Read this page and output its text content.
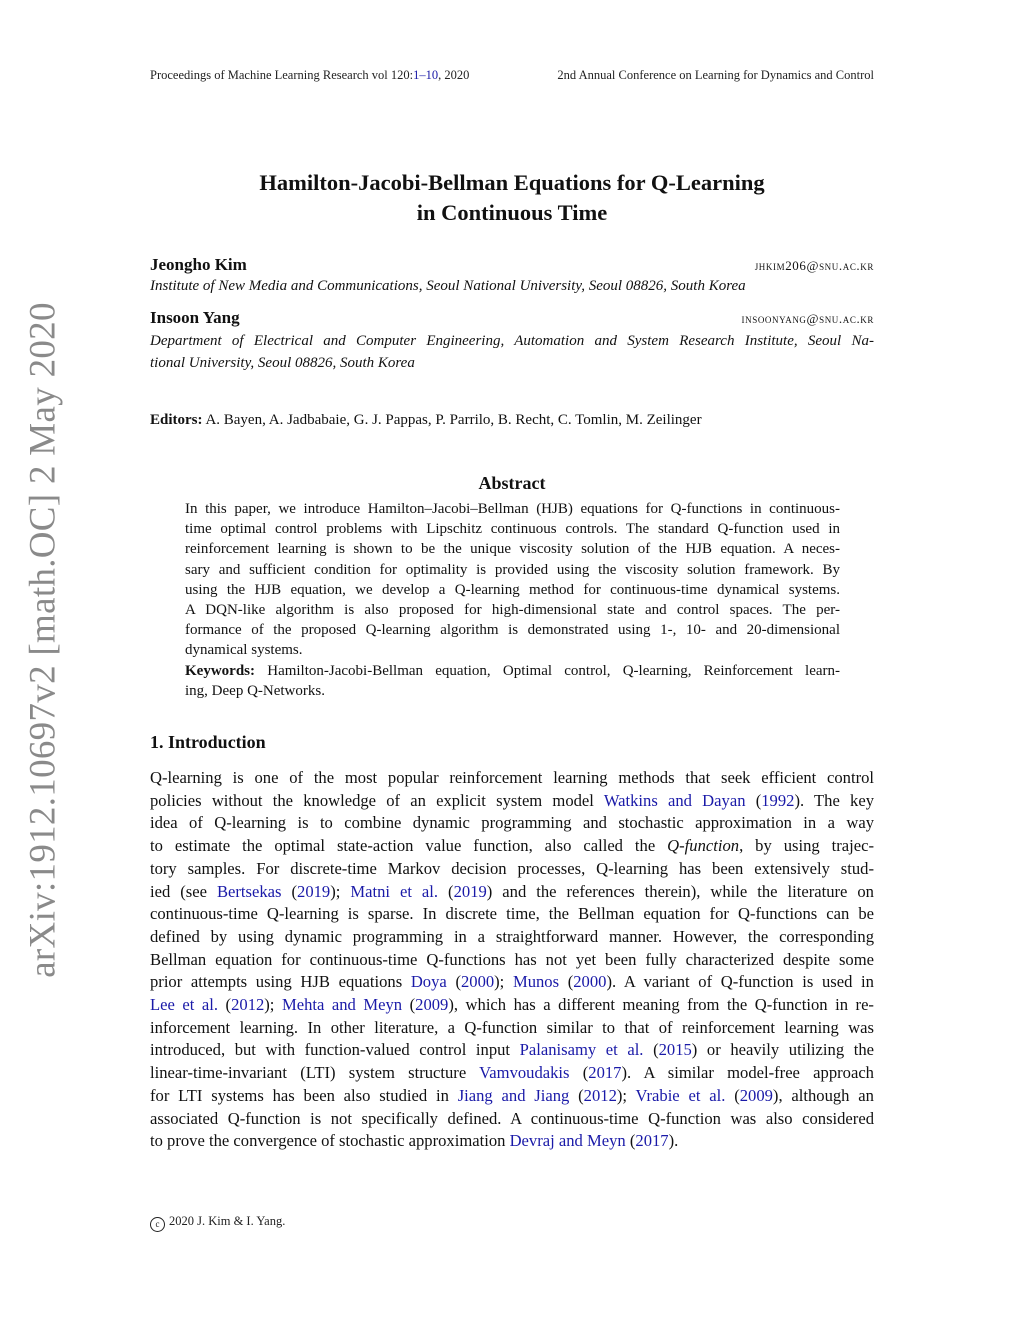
Proceedings of Machine Learning Research vol 120:1–10, 2020	2nd Annual Conference on Learning for Dynamics and Control
arXiv:1912.10697v2 [math.OC] 2 May 2020
Hamilton-Jacobi-Bellman Equations for Q-Learning
in Continuous Time
Jeongho Kim	jhkim206@snu.ac.kr
Institute of New Media and Communications, Seoul National University, Seoul 08826, South Korea
Insoon Yang	insoonyang@snu.ac.kr
Department of Electrical and Computer Engineering, Automation and System Research Institute, Seoul Na-
tional University, Seoul 08826, South Korea
Editors: A. Bayen, A. Jadbabaie, G. J. Pappas, P. Parrilo, B. Recht, C. Tomlin, M. Zeilinger
Abstract
In this paper, we introduce Hamilton–Jacobi–Bellman (HJB) equations for Q-functions in continuous-
time optimal control problems with Lipschitz continuous controls. The standard Q-function used in
reinforcement learning is shown to be the unique viscosity solution of the HJB equation. A neces-
sary and sufficient condition for optimality is provided using the viscosity solution framework. By
using the HJB equation, we develop a Q-learning method for continuous-time dynamical systems.
A DQN-like algorithm is also proposed for high-dimensional state and control spaces. The per-
formance of the proposed Q-learning algorithm is demonstrated using 1-, 10- and 20-dimensional
dynamical systems.
Keywords: Hamilton-Jacobi-Bellman equation, Optimal control, Q-learning, Reinforcement learn-
ing, Deep Q-Networks.
1. Introduction
Q-learning is one of the most popular reinforcement learning methods that seek efficient control
policies without the knowledge of an explicit system model Watkins and Dayan (1992). The key
idea of Q-learning is to combine dynamic programming and stochastic approximation in a way
to estimate the optimal state-action value function, also called the Q-function, by using trajec-
tory samples. For discrete-time Markov decision processes, Q-learning has been extensively stud-
ied (see Bertsekas (2019); Matni et al. (2019) and the references therein), while the literature on
continuous-time Q-learning is sparse. In discrete time, the Bellman equation for Q-functions can be
defined by using dynamic programming in a straightforward manner. However, the corresponding
Bellman equation for continuous-time Q-functions has not yet been fully characterized despite some
prior attempts using HJB equations Doya (2000); Munos (2000). A variant of Q-function is used in
Lee et al. (2012); Mehta and Meyn (2009), which has a different meaning from the Q-function in re-
inforcement learning. In other literature, a Q-function similar to that of reinforcement learning was
introduced, but with function-valued control input Palanisamy et al. (2015) or heavily utilizing the
linear-time-invariant (LTI) system structure Vamvoudakis (2017). A similar model-free approach
for LTI systems has been also studied in Jiang and Jiang (2012); Vrabie et al. (2009), although an
associated Q-function is not specifically defined. A continuous-time Q-function was also considered
to prove the convergence of stochastic approximation Devraj and Meyn (2017).
c 2020 J. Kim & I. Yang.
